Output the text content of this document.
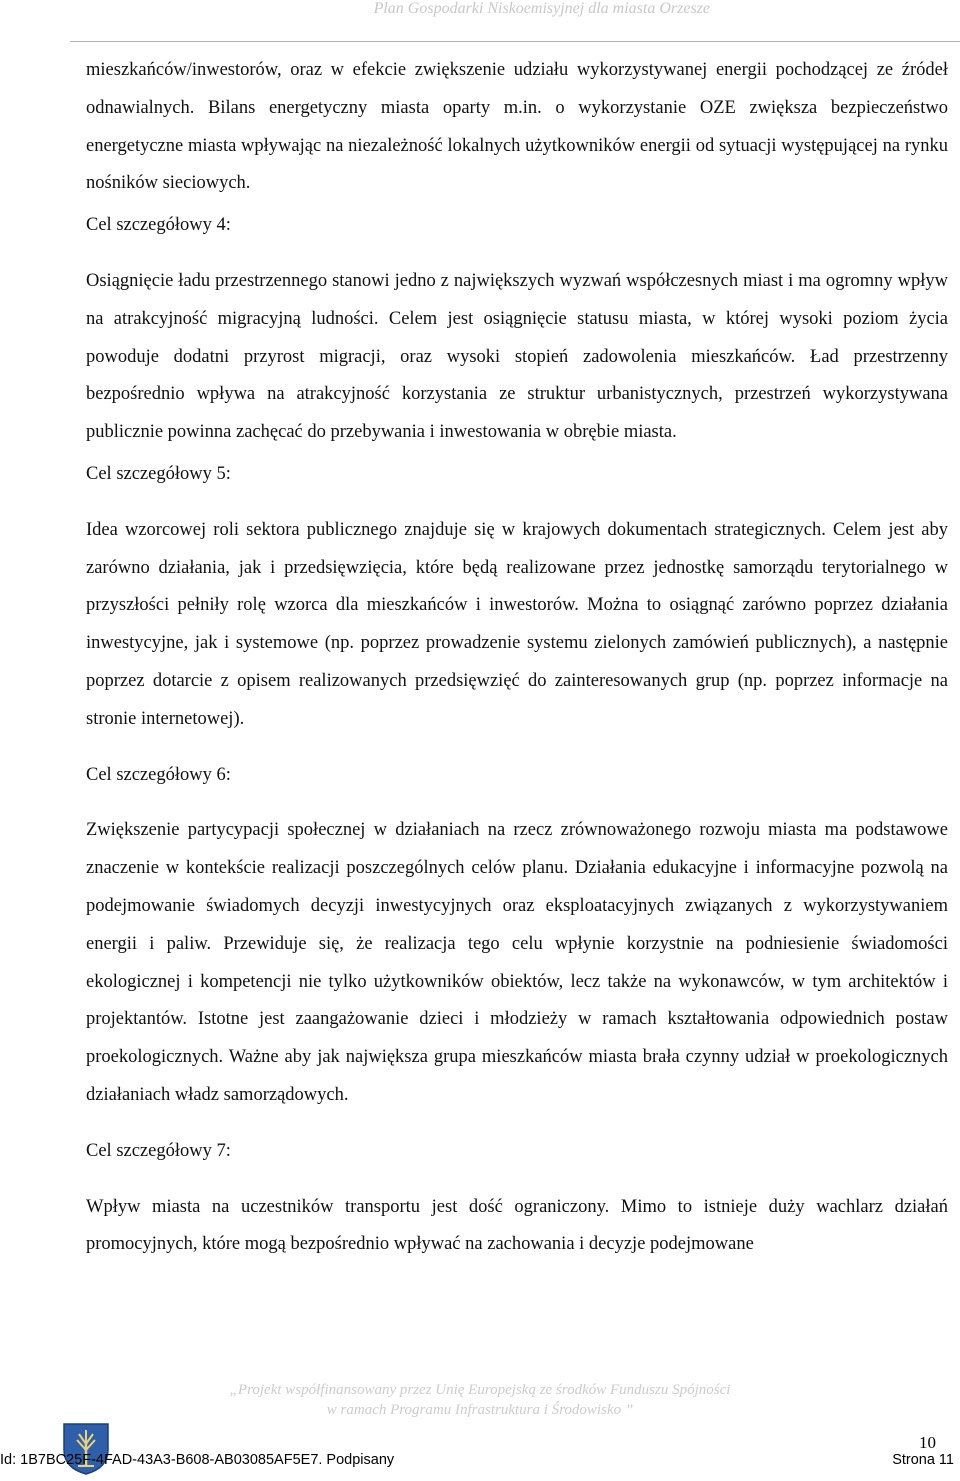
Plan Gospodarki Niskoemisyjnej dla miasta Orzesze

mieszkańców/inwestorów, oraz w efekcie zwiększenie udziału wykorzystywanej energii pochodzącej ze źródeł odnawialnych. Bilans energetyczny miasta oparty m.in. o wykorzystanie OZE zwiększa bezpieczeństwo energetyczne miasta wpływając na niezależność lokalnych użytkowników energii od sytuacji występującej na rynku nośników sieciowych.

Cel szczegółowy 4:

Osiągnięcie ładu przestrzennego stanowi jedno z największych wyzwań współczesnych miast i ma ogromny wpływ na atrakcyjność migracyjną ludności. Celem jest osiągnięcie statusu miasta, w której wysoki poziom życia powoduje dodatni przyrost migracji, oraz wysoki stopień zadowolenia mieszkańców. Ład przestrzenny bezpośrednio wpływa na atrakcyjność korzystania ze struktur urbanistycznych, przestrzeń wykorzystywana publicznie powinna zachęcać do przebywania i inwestowania w obrębie miasta.

Cel szczegółowy 5:

Idea wzorcowej roli sektora publicznego znajduje się w krajowych dokumentach strategicznych. Celem jest aby zarówno działania, jak i przedsięwzięcia, które będą realizowane przez jednostkę samorządu terytorialnego w przyszłości pełniły rolę wzorca dla mieszkańców i inwestorów. Można to osiągnąć zarówno poprzez działania inwestycyjne, jak i systemowe (np. poprzez prowadzenie systemu zielonych zamówień publicznych), a następnie poprzez dotarcie z opisem realizowanych przedsięwzięć do zainteresowanych grup (np. poprzez informacje na stronie internetowej).

Cel szczegółowy 6:

Zwiększenie partycypacji społecznej w działaniach na rzecz zrównoważonego rozwoju miasta ma podstawowe znaczenie w kontekście realizacji poszczególnych celów planu. Działania edukacyjne i informacyjne pozwolą na podejmowanie świadomych decyzji inwestycyjnych oraz eksploatacyjnych związanych z wykorzystywaniem energii i paliw. Przewiduje się, że realizacja tego celu wpłynie korzystnie na podniesienie świadomości ekologicznej i kompetencji nie tylko użytkowników obiektów, lecz także na wykonawców, w tym architektów i projektantów. Istotne jest zaangażowanie dzieci i młodzieży w ramach kształtowania odpowiednich postaw proekologicznych. Ważne aby jak największa grupa mieszkańców miasta brała czynny udział w proekologicznych działaniach władz samorządowych.

Cel szczegółowy 7:

Wpływ miasta na uczestników transportu jest dość ograniczony. Mimo to istnieje duży wachlarz działań promocyjnych, które mogą bezpośrednio wpływać na zachowania i decyzje podejmowane

„Projekt współfinansowany przez Unię Europejską ze środków Funduszu Spójności
w ramach Programu Infrastruktura i Środowisko ”
10
Id: 1B7BC25F-4FAD-43A3-B608-AB03085AF5E7. Podpisany	Strona 11
